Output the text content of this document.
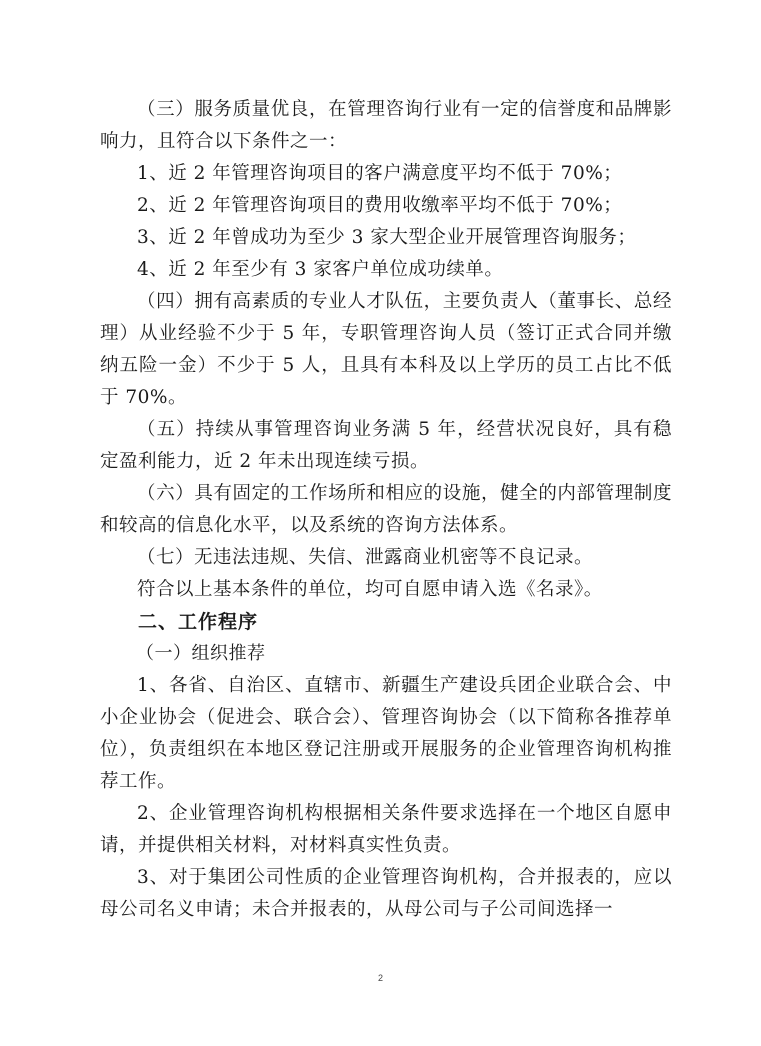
（三）服务质量优良，在管理咨询行业有一定的信誉度和品牌影响力，且符合以下条件之一：

1、近 2 年管理咨询项目的客户满意度平均不低于 70%；

2、近 2 年管理咨询项目的费用收缴率平均不低于 70%；

3、近 2 年曾成功为至少 3 家大型企业开展管理咨询服务；

4、近 2 年至少有 3 家客户单位成功续单。

（四）拥有高素质的专业人才队伍，主要负责人（董事长、总经理）从业经验不少于 5 年，专职管理咨询人员（签订正式合同并缴纳五险一金）不少于 5 人，且具有本科及以上学历的员工占比不低于 70%。

（五）持续从事管理咨询业务满 5 年，经营状况良好，具有稳定盈利能力，近 2 年未出现连续亏损。

（六）具有固定的工作场所和相应的设施，健全的内部管理制度和较高的信息化水平，以及系统的咨询方法体系。

（七）无违法违规、失信、泄露商业机密等不良记录。

符合以上基本条件的单位，均可自愿申请入选《名录》。

二、工作程序

（一）组织推荐

1、各省、自治区、直辖市、新疆生产建设兵团企业联合会、中小企业协会（促进会、联合会）、管理咨询协会（以下简称各推荐单位），负责组织在本地区登记注册或开展服务的企业管理咨询机构推荐工作。

2、企业管理咨询机构根据相关条件要求选择在一个地区自愿申请，并提供相关材料，对材料真实性负责。

3、对于集团公司性质的企业管理咨询机构，合并报表的，应以母公司名义申请；未合并报表的，从母公司与子公司间选择一

2
